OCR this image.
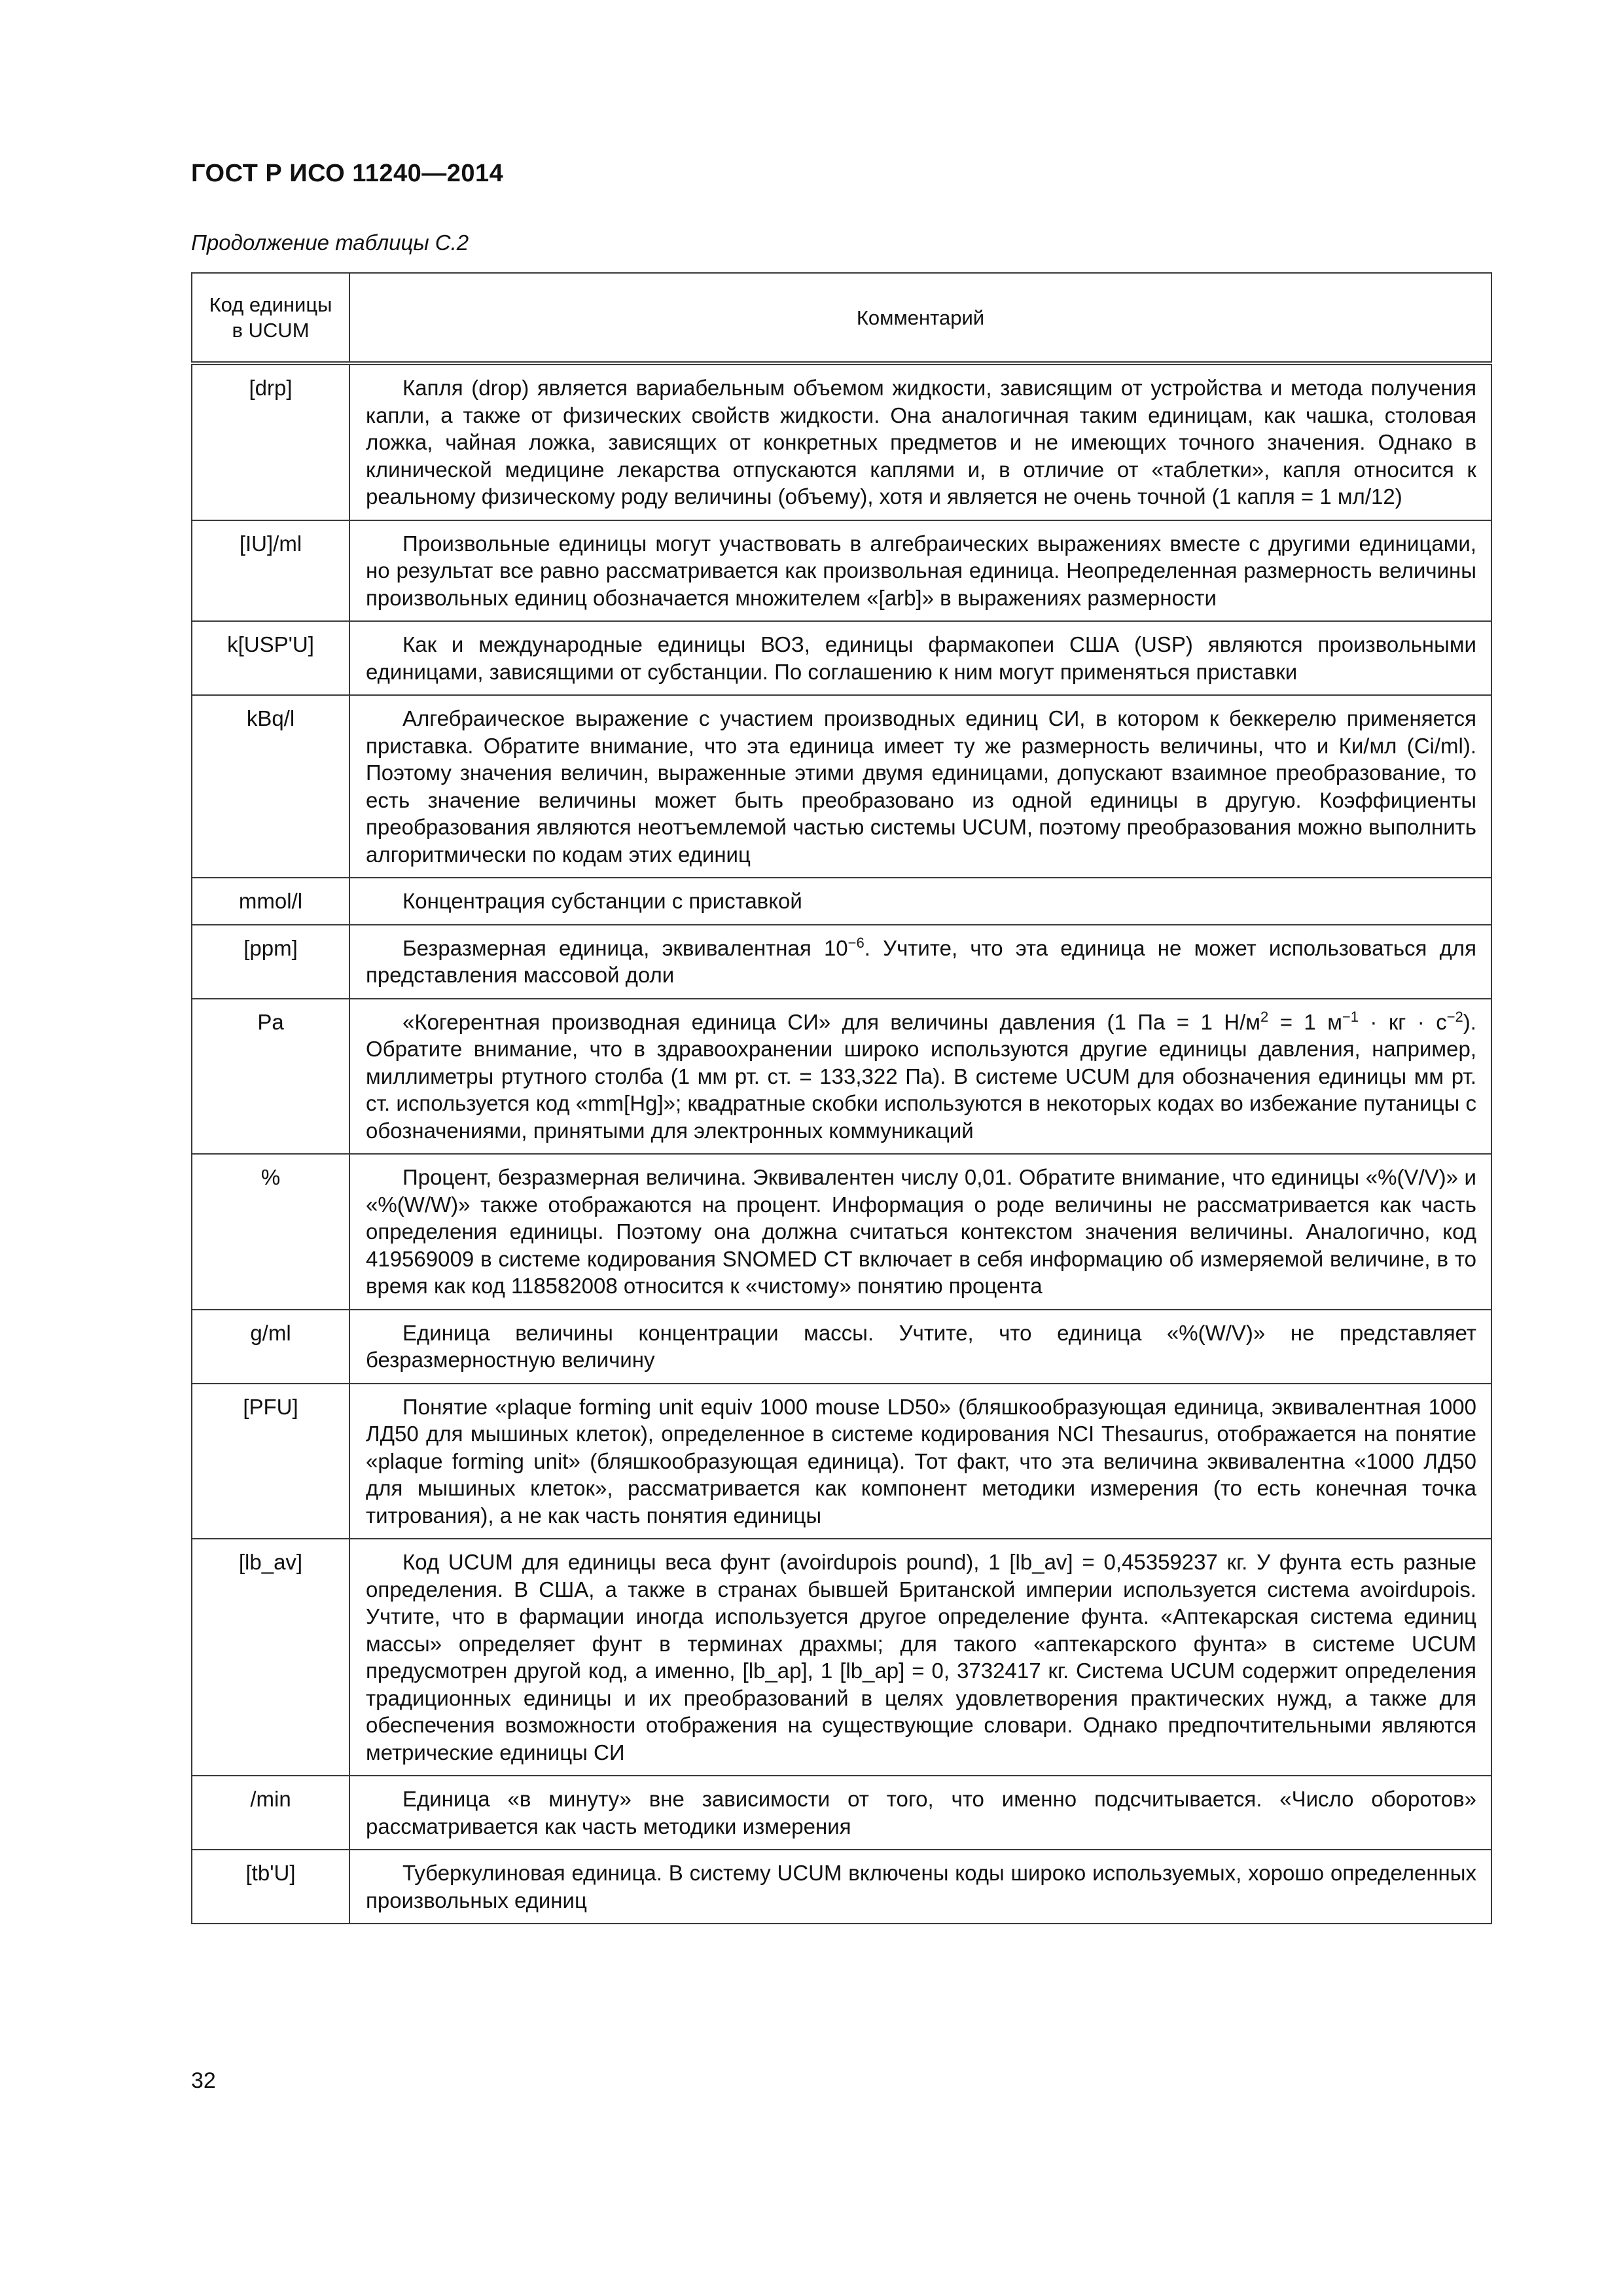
ГОСТ Р ИСО 11240—2014
Продолжение таблицы С.2
Код единицы
в UCUM	Комментарий
[drp]	Капля (drop) является вариабельным объемом жидкости, зависящим от устройства и метода получения капли, а также от физических свойств жидкости. Она аналогичная таким единицам, как чашка, столовая ложка, чайная ложка, зависящих от конкретных предметов и не имеющих точного значения. Однако в клинической медицине лекарства отпускаются каплями и, в отличие от «таблетки», капля относится к реальному физическому роду величины (объему), хотя и является не очень точной (1 капля = 1 мл/12)
[IU]/ml	Произвольные единицы могут участвовать в алгебраических выражениях вместе с другими единицами, но результат все равно рассматривается как произвольная единица. Неопределенная размерность величины произвольных единиц обозначается множителем «[arb]» в выражениях размерности
k[USP'U]	Как и международные единицы ВОЗ, единицы фармакопеи США (USP) являются произвольными единицами, зависящими от субстанции. По соглашению к ним могут применяться приставки
kBq/l	Алгебраическое выражение с участием производных единиц СИ, в котором к беккерелю применяется приставка. Обратите внимание, что эта единица имеет ту же размерность величины, что и Ки/мл (Ci/ml). Поэтому значения величин, выраженные этими двумя единицами, допускают взаимное преобразование, то есть значение величины может быть преобразовано из одной единицы в другую. Коэффициенты преобразования являются неотъемлемой частью системы UCUM, поэтому преобразования можно выполнить алгоритмически по кодам этих единиц
mmol/l	Концентрация субстанции с приставкой
[ppm]	Безразмерная единица, эквивалентная $10^{-6}$. Учтите, что эта единица не может использоваться для представления массовой доли
Pa	«Когерентная производная единица СИ» для величины давления (1 Па = 1 $Н/м^2 = 1$ $м^{-1}$ · кг · $с^{-2}$). Обратите внимание, что в здравоохранении широко используются другие единицы давления, например, миллиметры ртутного столба (1 мм рт. ст. = 133,322 Па). В системе UCUM для обозначения единицы мм рт. ст. используется код «mm[Hg]»; квадратные скобки используются в некоторых кодах во избежание путаницы с обозначениями, принятыми для электронных коммуникаций
%	Процент, безразмерная величина. Эквивалентен числу 0,01. Обратите внимание, что единицы «%(V/V)» и «%(W/W)» также отображаются на процент. Информация о роде величины не рассматривается как часть определения единицы. Поэтому она должна считаться контекстом значения величины. Аналогично, код 419569009 в системе кодирования SNOMED CT включает в себя информацию об измеряемой величине, в то время как код 118582008 относится к «чистому» понятию процента
g/ml	Единица величины концентрации массы. Учтите, что единица «%(W/V)» не представляет безразмерностную величину
[PFU]	Понятие «plaque forming unit equiv 1000 mouse LD50» (бляшкообразующая единица, эквивалентная 1000 ЛД50 для мышиных клеток), определенное в системе кодирования NCI Thesaurus, отображается на понятие «plaque forming unit» (бляшкообразующая единица). Тот факт, что эта величина эквивалентна «1000 ЛД50 для мышиных клеток», рассматривается как компонент методики измерения (то есть конечная точка титрования), а не как часть понятия единицы
[lb_av]	Код UCUM для единицы веса фунт (avoirdupois pound), 1 [lb_av] = 0,45359237 кг. У фунта есть разные определения. В США, а также в странах бывшей Британской империи используется система avoirdupois. Учтите, что в фармации иногда используется другое определение фунта. «Аптекарская система единиц массы» определяет фунт в терминах драхмы; для такого «аптекарского фунта» в системе UCUM предусмотрен другой код, а именно, [lb_ap], 1 [lb_ap] = 0, 3732417 кг. Система UCUM содержит определения традиционных единицы и их преобразований в целях удовлетворения практических нужд, а также для обеспечения возможности отображения на существующие словари. Однако предпочтительными являются метрические единицы СИ
/min	Единица «в минуту» вне зависимости от того, что именно подсчитывается. «Число оборотов» рассматривается как часть методики измерения
[tb'U]	Туберкулиновая единица. В систему UCUM включены коды широко используемых, хорошо определенных произвольных единиц
32
